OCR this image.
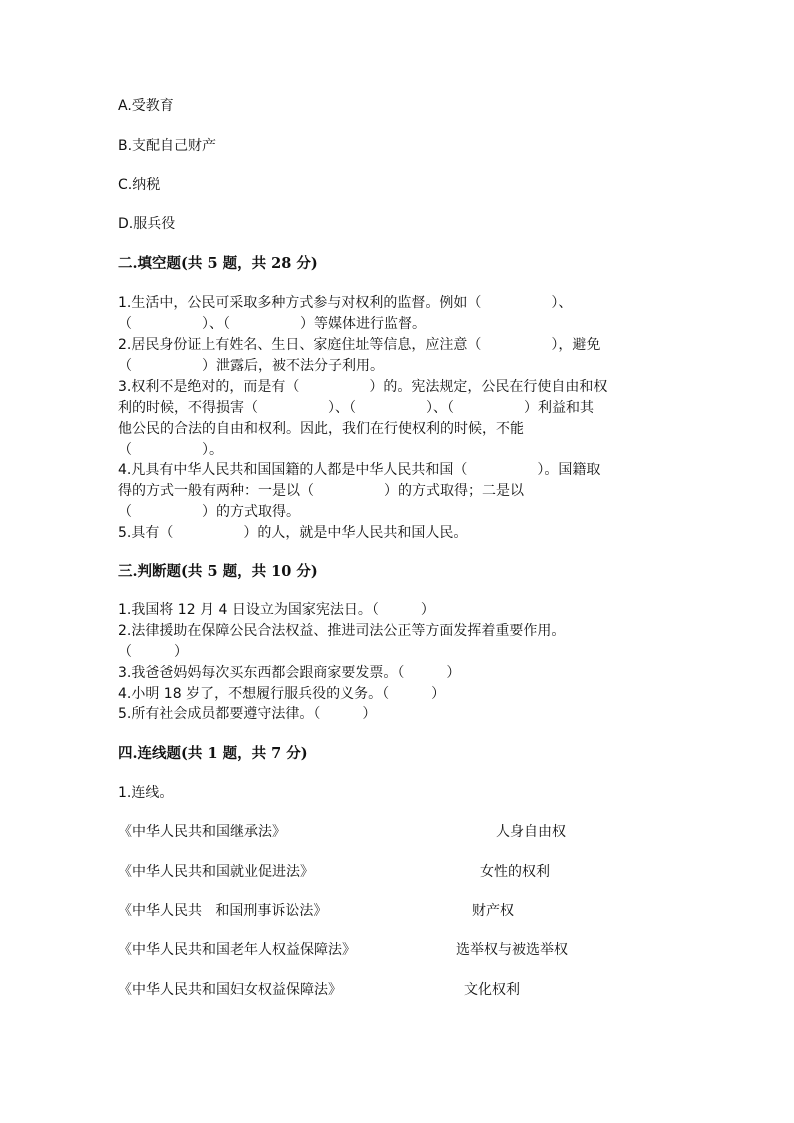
A.受教育
B.支配自己财产
C.纳税
D.服兵役
二.填空题(共 5 题，共 28 分)
1.生活中，公民可采取多种方式参与对权利的监督。例如（　　　　　）、
（　　　　　）、（　　　　　）等媒体进行监督。
2.居民身份证上有姓名、生日、家庭住址等信息，应注意（　　　　　），避免
（　　　　　）泄露后，被不法分子利用。
3.权利不是绝对的，而是有（　　　　　）的。宪法规定，公民在行使自由和权
利的时候，不得损害（　　　　　）、（　　　　　）、（　　　　　）利益和其
他公民的合法的自由和权利。因此，我们在行使权利的时候，不能
（　　　　　）。
4.凡具有中华人民共和国国籍的人都是中华人民共和国（　　　　　）。国籍取
得的方式一般有两种：一是以（　　　　　）的方式取得；二是以
（　　　　　）的方式取得。
5.具有（　　　　　）的人，就是中华人民共和国人民。
三.判断题(共 5 题，共 10 分)
1.我国将 12 月 4 日设立为国家宪法日。（　　　）
2.法律援助在保障公民合法权益、推进司法公正等方面发挥着重要作用。
（　　　）
3.我爸爸妈妈每次买东西都会跟商家要发票。（　　　）
4.小明 18 岁了，不想履行服兵役的义务。（　　　）
5.所有社会成员都要遵守法律。（　　　）
四.连线题(共 1 题，共 7 分)
1.连线。
《中华人民共和国继承法》	人身自由权
《中华人民共和国就业促进法》	女性的权利
《中华人民共   和国刑事诉讼法》	财产权
《中华人民共和国老年人权益保障法》	选举权与被选举权
《中华人民共和国妇女权益保障法》	文化权利
